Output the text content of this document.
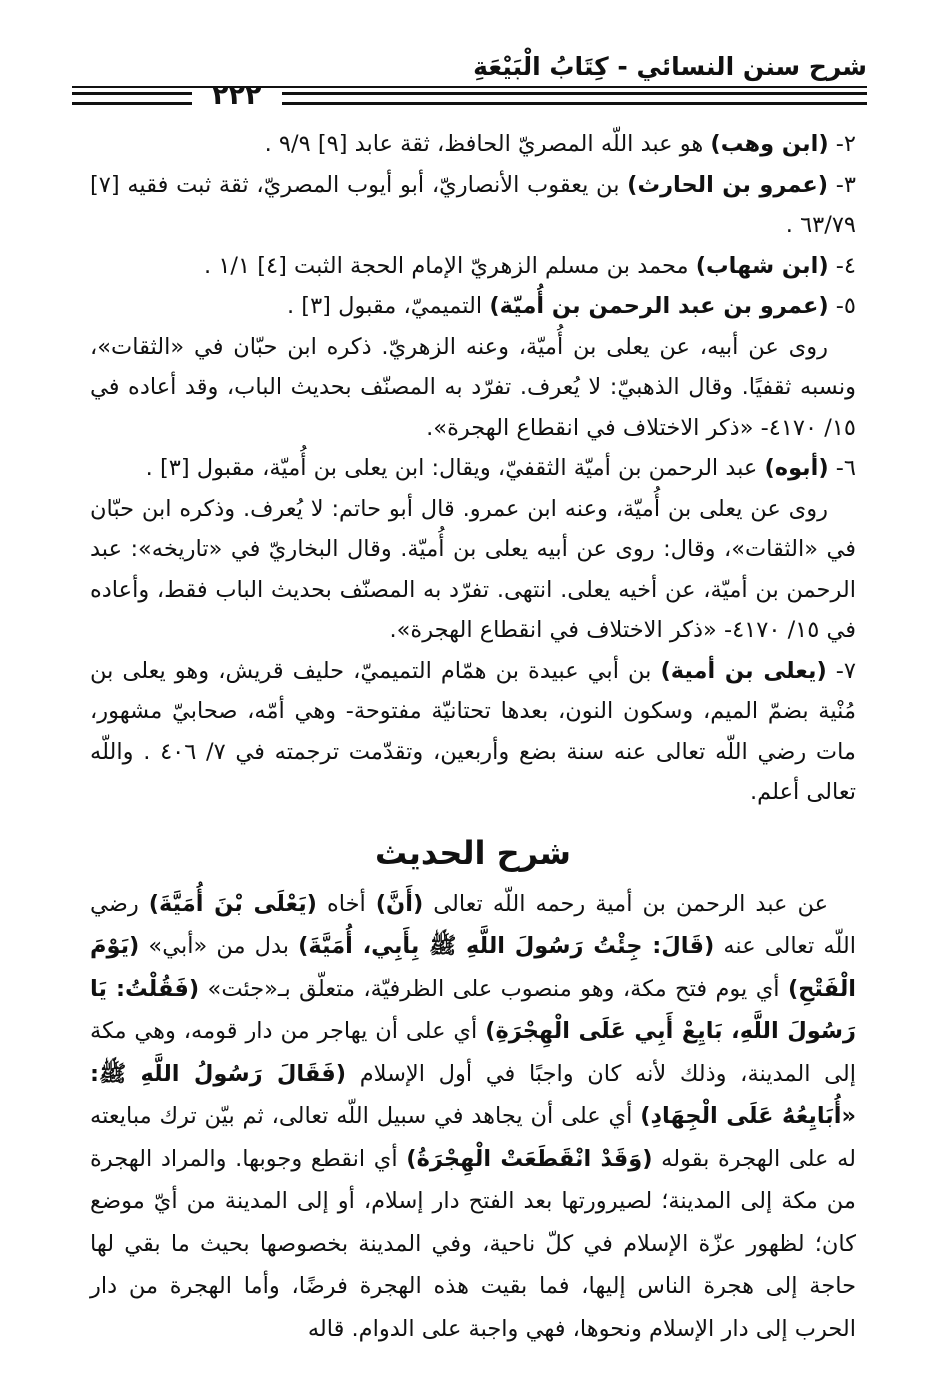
شرح سنن النسائي - كِتَابُ الْبَيْعَةِ
٢٢٢

٢- (ابن وهب) هو عبد اللّه المصريّ الحافظ، ثقة عابد [٩] ٩/٩ .

٣- (عمرو بن الحارث) بن يعقوب الأنصاريّ، أبو أيوب المصريّ، ثقة ثبت فقيه [٧] ٦٣/٧٩ .

٤- (ابن شهاب) محمد بن مسلم الزهريّ الإمام الحجة الثبت [٤] ١/١ .

٥- (عمرو بن عبد الرحمن بن أُميّة) التميميّ، مقبول [٣] .

روى عن أبيه، عن يعلى بن أُميّة، وعنه الزهريّ. ذكره ابن حبّان في «الثقات»، ونسبه ثقفيًا. وقال الذهبيّ: لا يُعرف. تفرّد به المصنّف بحديث الباب، وقد أعاده في ١٥/ ٤١٧٠- «ذكر الاختلاف في انقطاع الهجرة».

٦- (أبوه) عبد الرحمن بن أميّة الثقفيّ، ويقال: ابن يعلى بن أُميّة، مقبول [٣] .

روى عن يعلى بن أُميّة، وعنه ابن عمرو. قال أبو حاتم: لا يُعرف. وذكره ابن حبّان في «الثقات»، وقال: روى عن أبيه يعلى بن أُميّة. وقال البخاريّ في «تاريخه»: عبد الرحمن بن أميّة، عن أخيه يعلى. انتهى. تفرّد به المصنّف بحديث الباب فقط، وأعاده في ١٥/ ٤١٧٠- «ذكر الاختلاف في انقطاع الهجرة».

٧- (يعلى بن أمية) بن أبي عبيدة بن همّام التميميّ، حليف قريش، وهو يعلى بن مُنْية بضمّ الميم، وسكون النون، بعدها تحتانيّة مفتوحة- وهي أمّه، صحابيّ مشهور، مات رضي اللّه تعالى عنه سنة بضع وأربعين، وتقدّمت ترجمته في ٧/ ٤٠٦ . واللّه تعالى أعلم.

شرح الحديث

عن عبد الرحمن بن أمية رحمه اللّه تعالى (أَنَّ) أخاه (يَعْلَى بْنَ أُمَيَّةَ) رضي اللّه تعالى عنه (قَالَ: جِئْتُ رَسُولَ اللَّهِ ﷺ بِأَبِي، أُمَيَّةَ) بدل من «أبي» (يَوْمَ الْفَتْحِ) أي يوم فتح مكة، وهو منصوب على الظرفيّة، متعلّق بـ«جئت» (فَقُلْتُ: يَا رَسُولَ اللَّهِ، بَايِعْ أَبِي عَلَى الْهِجْرَةِ) أي على أن يهاجر من دار قومه، وهي مكة إلى المدينة، وذلك لأنه كان واجبًا في أول الإسلام (فَقَالَ رَسُولُ اللَّهِ ﷺ: «أُبَايِعُهُ عَلَى الْجِهَادِ) أي على أن يجاهد في سبيل اللّه تعالى، ثم بيّن ترك مبايعته له على الهجرة بقوله (وَقَدْ انْقَطَعَتْ الْهِجْرَةُ) أي انقطع وجوبها. والمراد الهجرة من مكة إلى المدينة؛ لصيرورتها بعد الفتح دار إسلام، أو إلى المدينة من أيّ موضع كان؛ لظهور عزّة الإسلام في كلّ ناحية، وفي المدينة بخصوصها بحيث ما بقي لها حاجة إلى هجرة الناس إليها، فما بقيت هذه الهجرة فرضًا، وأما الهجرة من دار الحرب إلى دار الإسلام ونحوها، فهي واجبة على الدوام. قاله
